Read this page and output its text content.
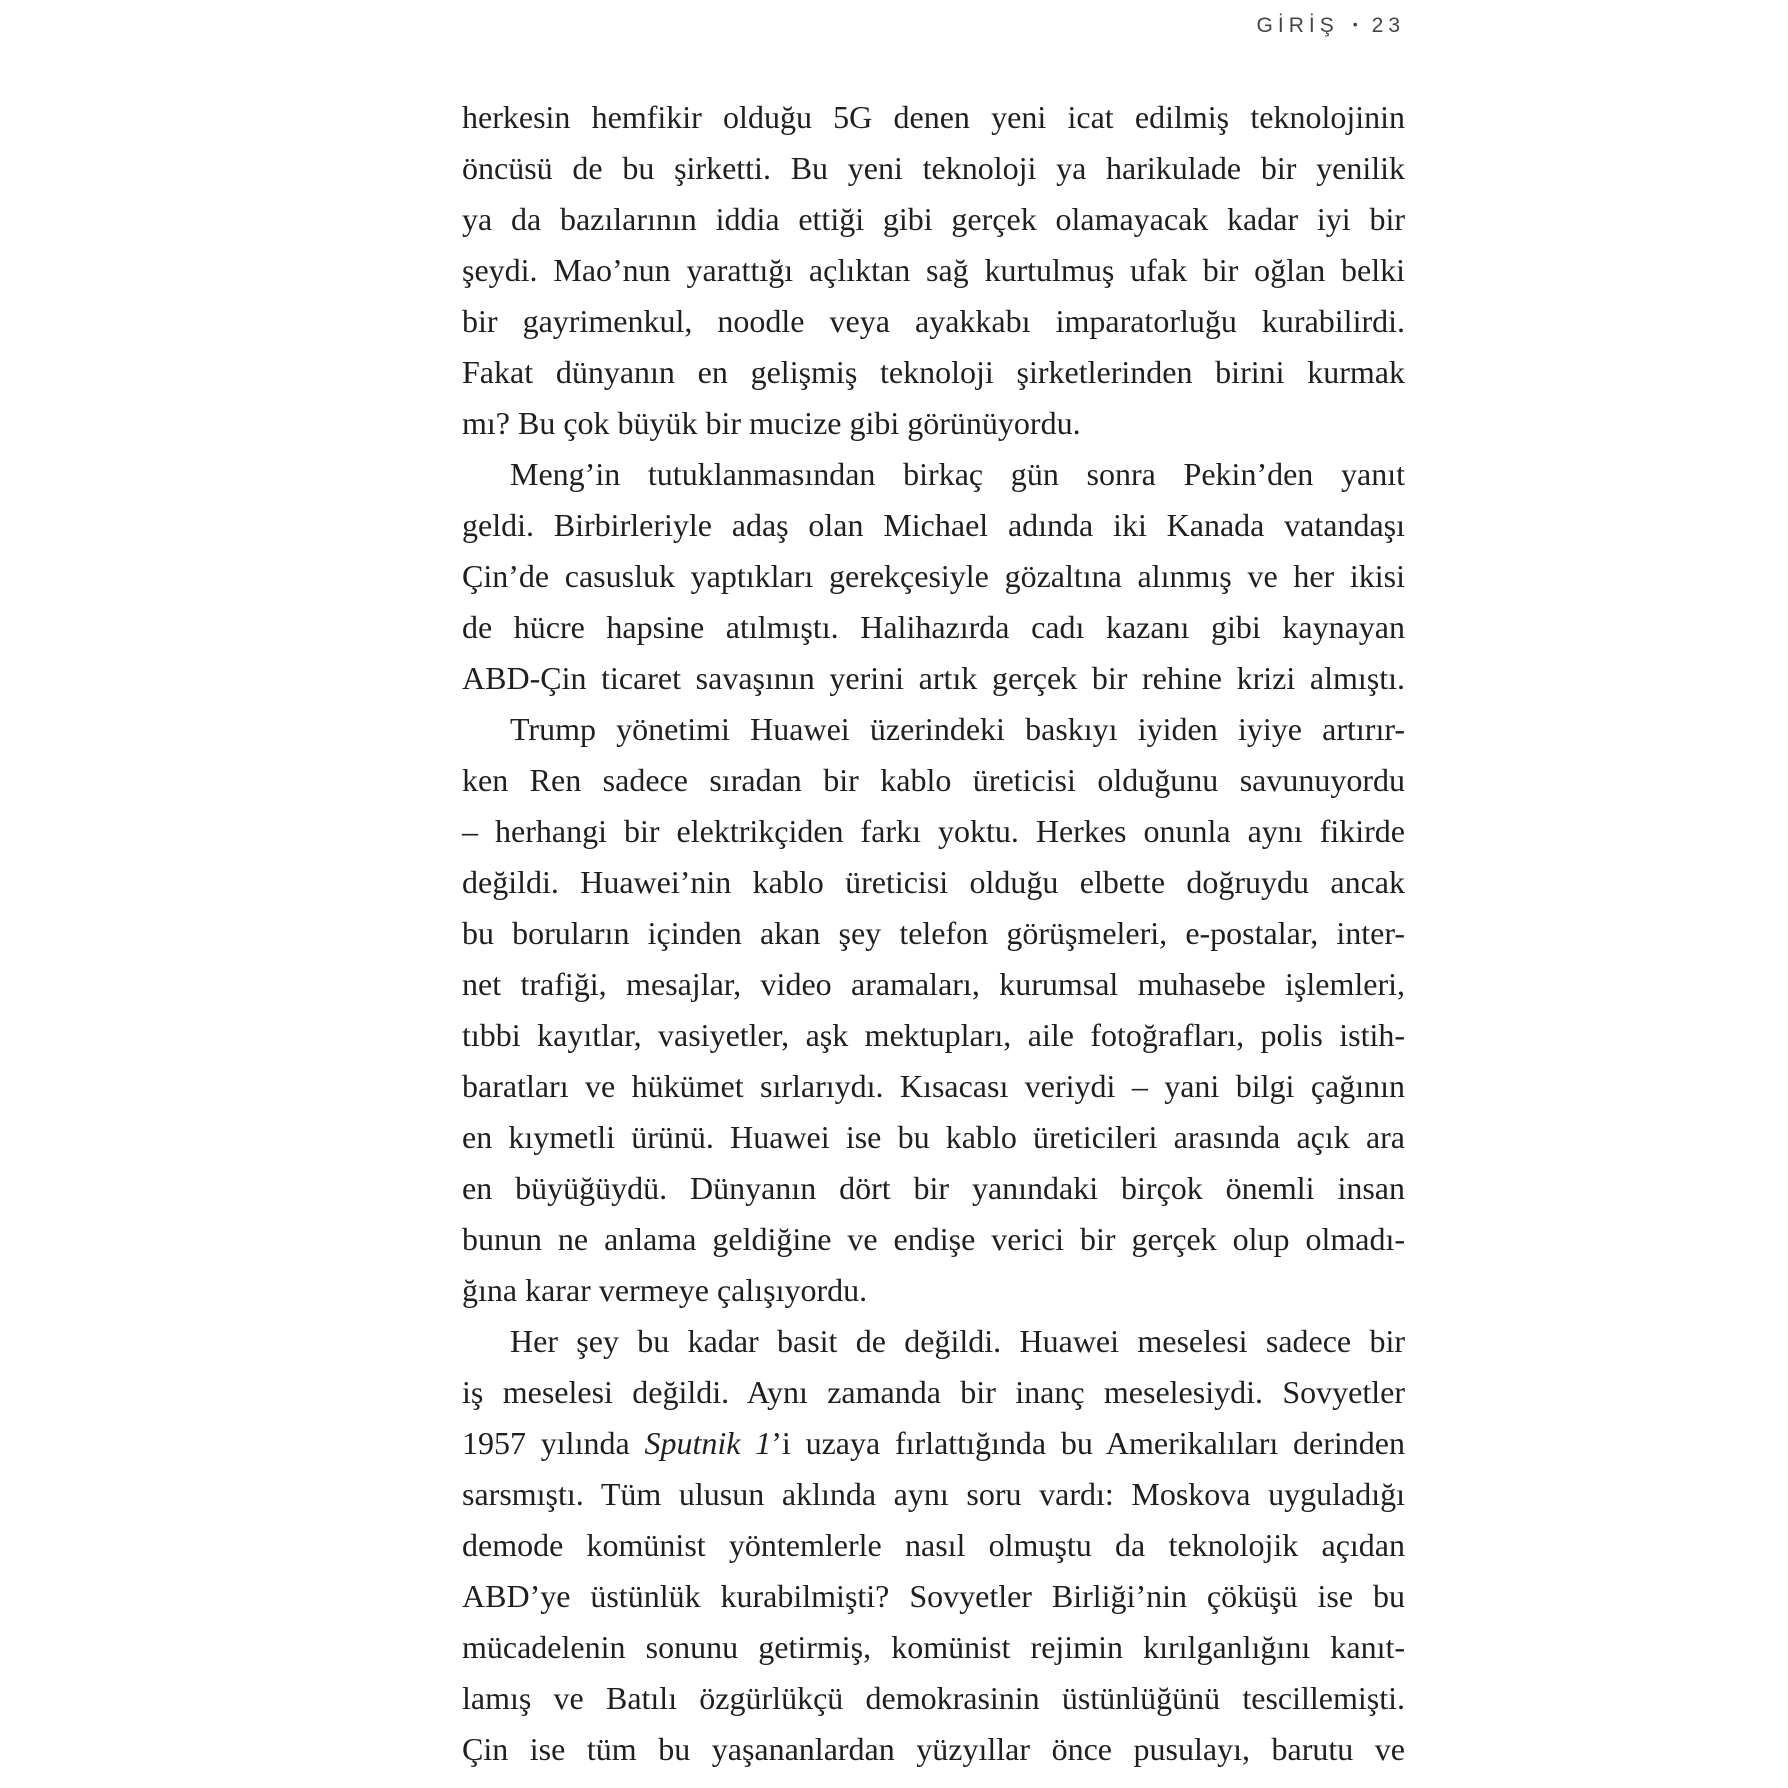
GİRİŞ • 23
herkesin hemfikir olduğu 5G denen yeni icat edilmiş teknolojinin
öncüsü de bu şirketti. Bu yeni teknoloji ya harikulade bir yenilik
ya da bazılarının iddia ettiği gibi gerçek olamayacak kadar iyi bir
şeydi. Mao’nun yarattığı açlıktan sağ kurtulmuş ufak bir oğlan belki
bir gayrimenkul, noodle veya ayakkabı imparatorluğu kurabilirdi.
Fakat dünyanın en gelişmiş teknoloji şirketlerinden birini kurmak
mı? Bu çok büyük bir mucize gibi görünüyordu.
Meng’in tutuklanmasından birkaç gün sonra Pekin’den yanıt
geldi. Birbirleriyle adaş olan Michael adında iki Kanada vatandaşı
Çin’de casusluk yaptıkları gerekçesiyle gözaltına alınmış ve her ikisi
de hücre hapsine atılmıştı. Halihazırda cadı kazanı gibi kaynayan
ABD-Çin ticaret savaşının yerini artık gerçek bir rehine krizi almıştı.
Trump yönetimi Huawei üzerindeki baskıyı iyiden iyiye artırır-
ken Ren sadece sıradan bir kablo üreticisi olduğunu savunuyordu
– herhangi bir elektrikçiden farkı yoktu. Herkes onunla aynı fikirde
değildi. Huawei’nin kablo üreticisi olduğu elbette doğruydu ancak
bu boruların içinden akan şey telefon görüşmeleri, e-postalar, inter-
net trafiği, mesajlar, video aramaları, kurumsal muhasebe işlemleri,
tıbbi kayıtlar, vasiyetler, aşk mektupları, aile fotoğrafları, polis istih-
baratları ve hükümet sırlarıydı. Kısacası veriydi – yani bilgi çağının
en kıymetli ürünü. Huawei ise bu kablo üreticileri arasında açık ara
en büyüğüydü. Dünyanın dört bir yanındaki birçok önemli insan
bunun ne anlama geldiğine ve endişe verici bir gerçek olup olmadı-
ğına karar vermeye çalışıyordu.
Her şey bu kadar basit de değildi. Huawei meselesi sadece bir
iş meselesi değildi. Aynı zamanda bir inanç meselesiydi. Sovyetler
1957 yılında Sputnik 1’i uzaya fırlattığında bu Amerikalıları derinden
sarsmıştı. Tüm ulusun aklında aynı soru vardı: Moskova uyguladığı
demode komünist yöntemlerle nasıl olmuştu da teknolojik açıdan
ABD’ye üstünlük kurabilmişti? Sovyetler Birliği’nin çöküşü ise bu
mücadelenin sonunu getirmiş, komünist rejimin kırılganlığını kanıt-
lamış ve Batılı özgürlükçü demokrasinin üstünlüğünü tescillemişti.
Çin ise tüm bu yaşananlardan yüzyıllar önce pusulayı, barutu ve
